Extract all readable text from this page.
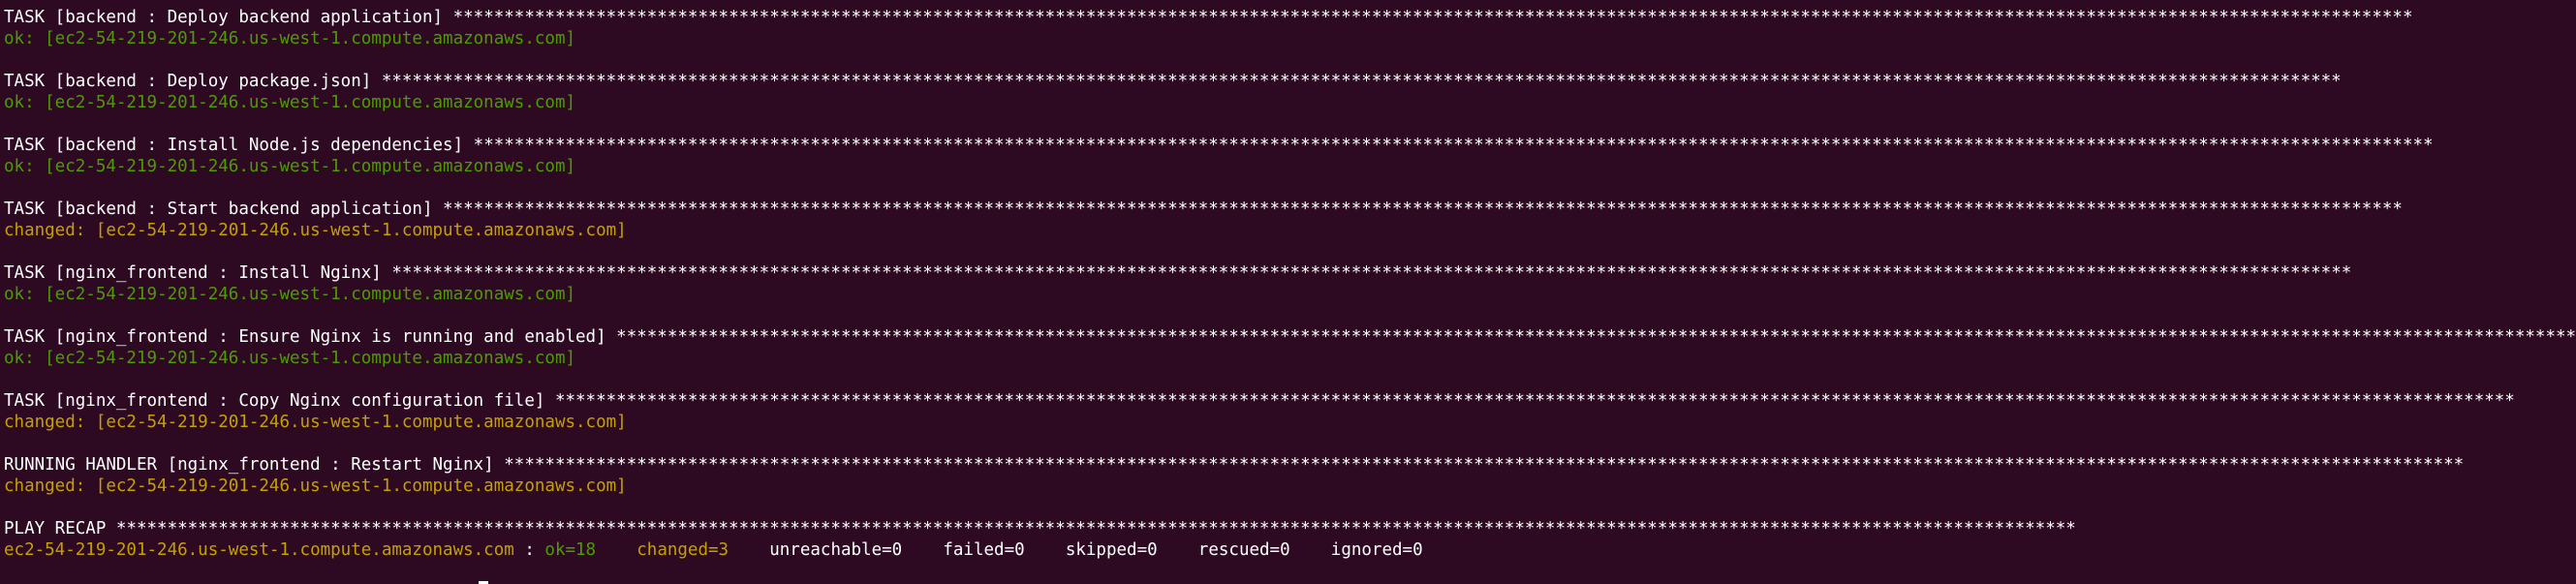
TASK [backend : Deploy backend application] ************************************************************************************************************************************************************************************************
ok: [ec2-54-219-201-246.us-west-1.compute.amazonaws.com]
TASK [backend : Deploy package.json] ************************************************************************************************************************************************************************************************
ok: [ec2-54-219-201-246.us-west-1.compute.amazonaws.com]
TASK [backend : Install Node.js dependencies] ************************************************************************************************************************************************************************************************
ok: [ec2-54-219-201-246.us-west-1.compute.amazonaws.com]
TASK [backend : Start backend application] ************************************************************************************************************************************************************************************************
changed: [ec2-54-219-201-246.us-west-1.compute.amazonaws.com]
TASK [nginx_frontend : Install Nginx] ************************************************************************************************************************************************************************************************
ok: [ec2-54-219-201-246.us-west-1.compute.amazonaws.com]
TASK [nginx_frontend : Ensure Nginx is running and enabled] ************************************************************************************************************************************************************************************************
ok: [ec2-54-219-201-246.us-west-1.compute.amazonaws.com]
TASK [nginx_frontend : Copy Nginx configuration file] ************************************************************************************************************************************************************************************************
changed: [ec2-54-219-201-246.us-west-1.compute.amazonaws.com]
RUNNING HANDLER [nginx_frontend : Restart Nginx] ************************************************************************************************************************************************************************************************
changed: [ec2-54-219-201-246.us-west-1.compute.amazonaws.com]
PLAY RECAP ************************************************************************************************************************************************************************************************
ec2-54-219-201-246.us-west-1.compute.amazonaws.com : ok=18 changed=3 unreachable=0 failed=0 skipped=0 rescued=0 ignored=0
